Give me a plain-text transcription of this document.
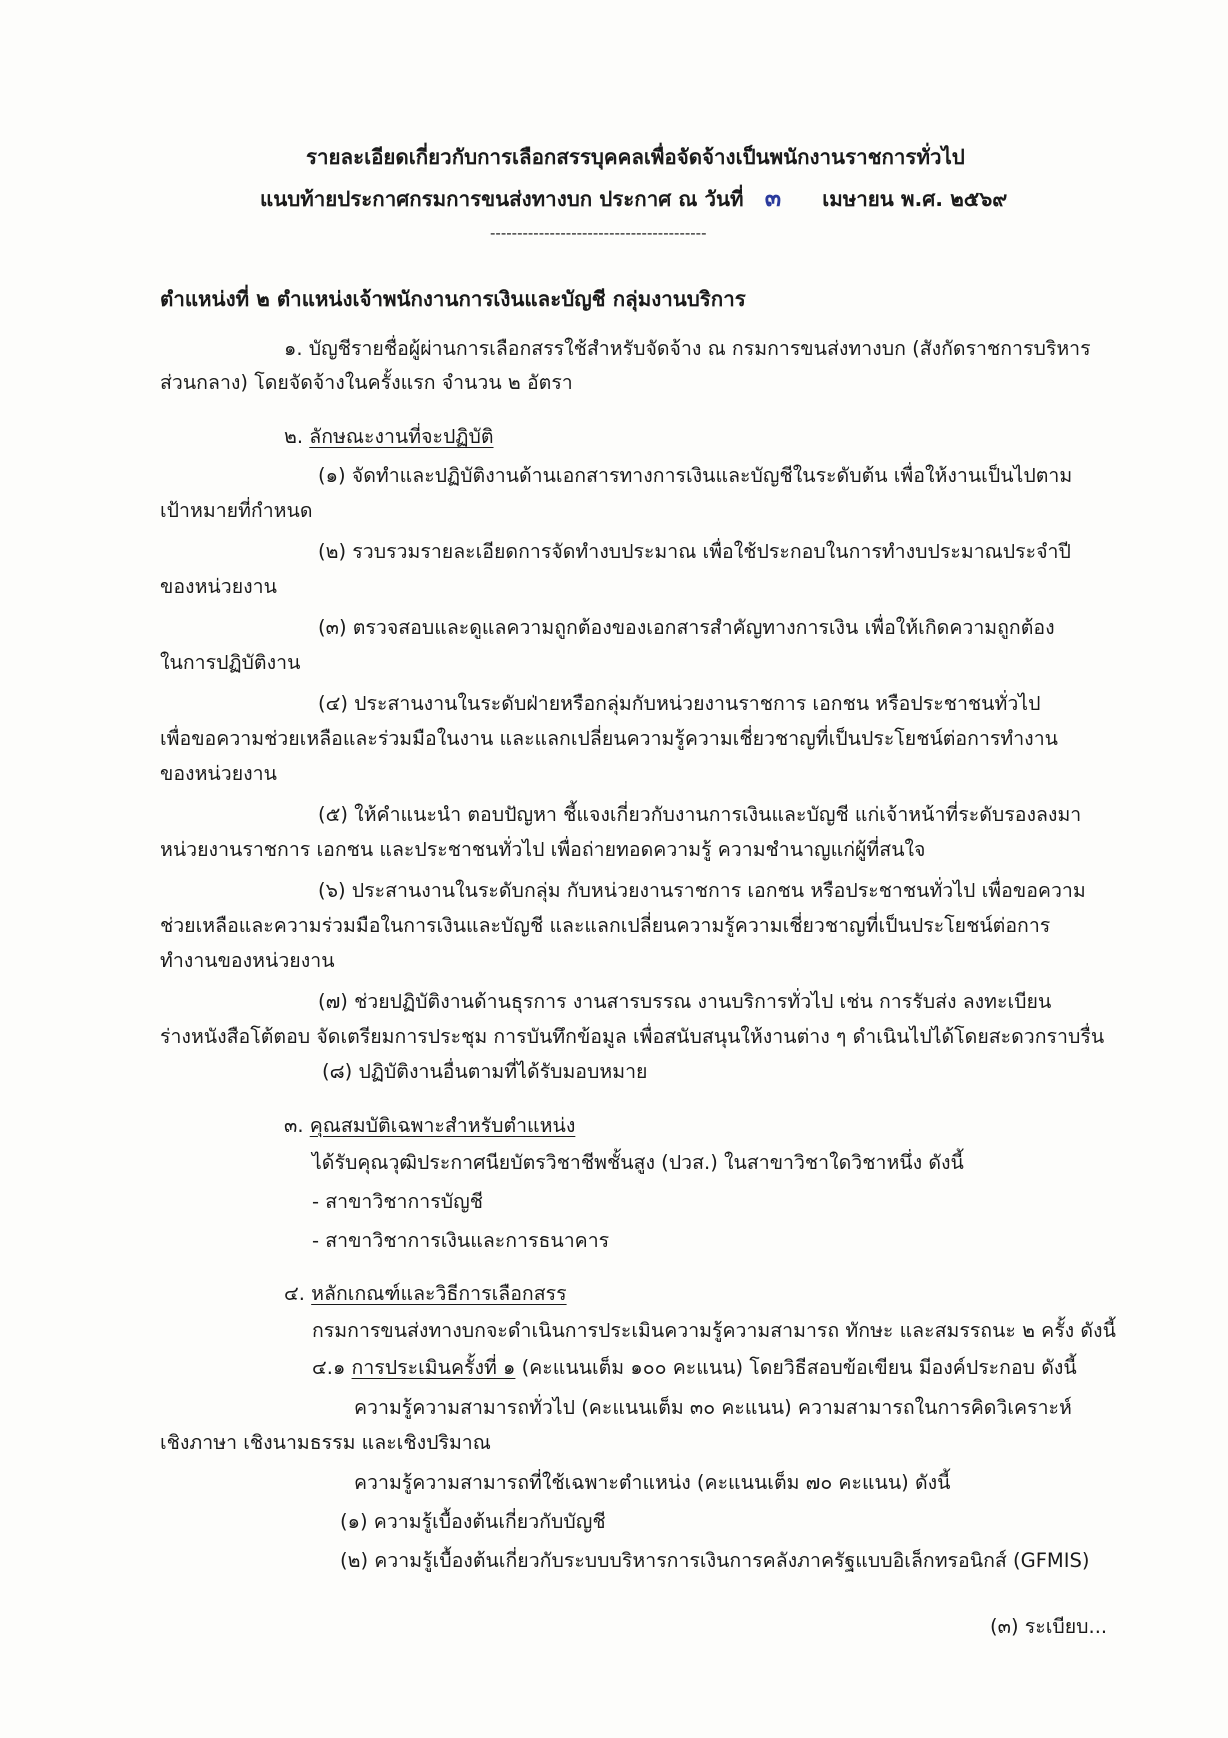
รายละเอียดเกี่ยวกับการเลือกสรรบุคคลเพื่อจัดจ้างเป็นพนักงานราชการทั่วไป
แนบท้ายประกาศกรมการขนส่งทางบก ประกาศ ณ วันที่ ๓ เมษายน พ.ศ. ๒๕๖๙
----------------------------------------
ตำแหน่งที่ ๒ ตำแหน่งเจ้าพนักงานการเงินและบัญชี กลุ่มงานบริการ
๑. บัญชีรายชื่อผู้ผ่านการเลือกสรรใช้สำหรับจัดจ้าง ณ กรมการขนส่งทางบก (สังกัดราชการบริหาร
ส่วนกลาง) โดยจัดจ้างในครั้งแรก จำนวน ๒ อัตรา
๒. ลักษณะงานที่จะปฏิบัติ
(๑) จัดทำและปฏิบัติงานด้านเอกสารทางการเงินและบัญชีในระดับต้น เพื่อให้งานเป็นไปตาม
เป้าหมายที่กำหนด
(๒) รวบรวมรายละเอียดการจัดทำงบประมาณ เพื่อใช้ประกอบในการทำงบประมาณประจำปี
ของหน่วยงาน
(๓) ตรวจสอบและดูแลความถูกต้องของเอกสารสำคัญทางการเงิน เพื่อให้เกิดความถูกต้อง
ในการปฏิบัติงาน
(๔) ประสานงานในระดับฝ่ายหรือกลุ่มกับหน่วยงานราชการ เอกชน หรือประชาชนทั่วไป
เพื่อขอความช่วยเหลือและร่วมมือในงาน และแลกเปลี่ยนความรู้ความเชี่ยวชาญที่เป็นประโยชน์ต่อการทำงาน
ของหน่วยงาน
(๕) ให้คำแนะนำ ตอบปัญหา ชี้แจงเกี่ยวกับงานการเงินและบัญชี แก่เจ้าหน้าที่ระดับรองลงมา
หน่วยงานราชการ เอกชน และประชาชนทั่วไป เพื่อถ่ายทอดความรู้ ความชำนาญแก่ผู้ที่สนใจ
(๖) ประสานงานในระดับกลุ่ม กับหน่วยงานราชการ เอกชน หรือประชาชนทั่วไป เพื่อขอความ
ช่วยเหลือและความร่วมมือในการเงินและบัญชี และแลกเปลี่ยนความรู้ความเชี่ยวชาญที่เป็นประโยชน์ต่อการ
ทำงานของหน่วยงาน
(๗) ช่วยปฏิบัติงานด้านธุรการ งานสารบรรณ งานบริการทั่วไป เช่น การรับส่ง ลงทะเบียน
ร่างหนังสือโต้ตอบ จัดเตรียมการประชุม การบันทึกข้อมูล เพื่อสนับสนุนให้งานต่าง ๆ ดำเนินไปได้โดยสะดวกราบรื่น
(๘) ปฏิบัติงานอื่นตามที่ได้รับมอบหมาย
๓. คุณสมบัติเฉพาะสำหรับตำแหน่ง
ได้รับคุณวุฒิประกาศนียบัตรวิชาชีพชั้นสูง (ปวส.) ในสาขาวิชาใดวิชาหนึ่ง ดังนี้
- สาขาวิชาการบัญชี
- สาขาวิชาการเงินและการธนาคาร
๔. หลักเกณฑ์และวิธีการเลือกสรร
กรมการขนส่งทางบกจะดำเนินการประเมินความรู้ความสามารถ ทักษะ และสมรรถนะ ๒ ครั้ง ดังนี้
๔.๑ การประเมินครั้งที่ ๑ (คะแนนเต็ม ๑๐๐ คะแนน) โดยวิธีสอบข้อเขียน มีองค์ประกอบ ดังนี้
ความรู้ความสามารถทั่วไป (คะแนนเต็ม ๓๐ คะแนน) ความสามารถในการคิดวิเคราะห์
เชิงภาษา เชิงนามธรรม และเชิงปริมาณ
ความรู้ความสามารถที่ใช้เฉพาะตำแหน่ง (คะแนนเต็ม ๗๐ คะแนน) ดังนี้
(๑) ความรู้เบื้องต้นเกี่ยวกับบัญชี
(๒) ความรู้เบื้องต้นเกี่ยวกับระบบบริหารการเงินการคลังภาครัฐแบบอิเล็กทรอนิกส์ (GFMIS)
(๓) ระเบียบ...
